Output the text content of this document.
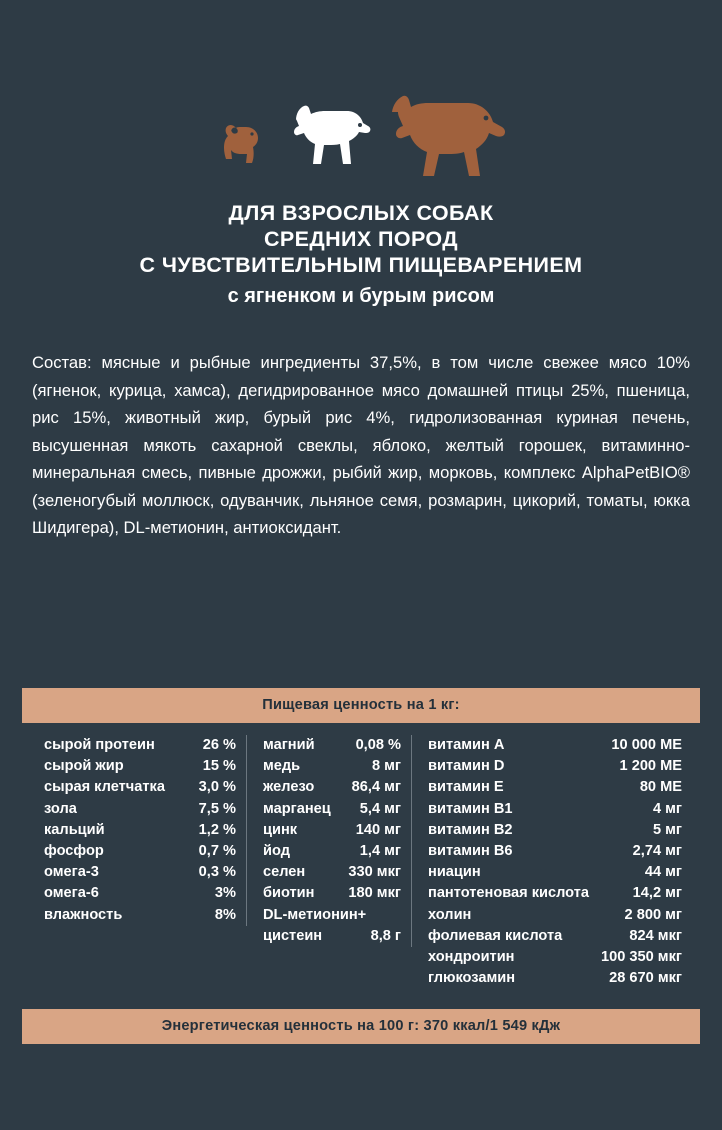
ДЛЯ ВЗРОСЛЫХ СОБАК
СРЕДНИХ ПОРОД
С ЧУВСТВИТЕЛЬНЫМ ПИЩЕВАРЕНИЕМ
с ягненком и бурым рисом
Состав: мясные и рыбные ингредиенты 37,5%, в том числе свежее мясо 10% (ягненок, курица, хамса), дегидрированное мясо домашней птицы 25%, пшеница, рис 15%, животный жир, бурый рис 4%, гидролизованная куриная печень, высушенная мякоть сахарной свеклы, яблоко, желтый горошек, витаминно-минеральная смесь, пивные дрожжи, рыбий жир, морковь, комплекс AlphaPetBIO® (зеленогубый моллюск, одуванчик, льняное семя, розмарин, цикорий, томаты, юкка Шидигера), DL-метионин, антиоксидант.
Пищевая ценность на 1 кг:
сырой протеин	26 %
сырой жир	15 %
сырая клетчатка	3,0 %
зола	7,5 %
кальций	1,2 %
фосфор	0,7 %
омега-3	0,3 %
омега-6	3%
влажность	8%
магний	0,08 %
медь	8 мг
железо	86,4 мг
марганец	5,4 мг
цинк	140 мг
йод	1,4 мг
селен	330 мкг
биотин	180 мкг
DL-метионин+
цистеин	8,8 г
витамин А	10 000 МЕ
витамин D	1 200 МЕ
витамин Е	80 МЕ
витамин В1	4 мг
витамин В2	5 мг
витамин В6	2,74 мг
ниацин	44 мг
пантотеновая кислота	14,2 мг
холин	2 800 мг
фолиевая кислота	824 мкг
хондроитин	100 350 мкг
глюкозамин	28 670 мкг
Энергетическая ценность на 100 г: 370 ккал/1 549 кДж
